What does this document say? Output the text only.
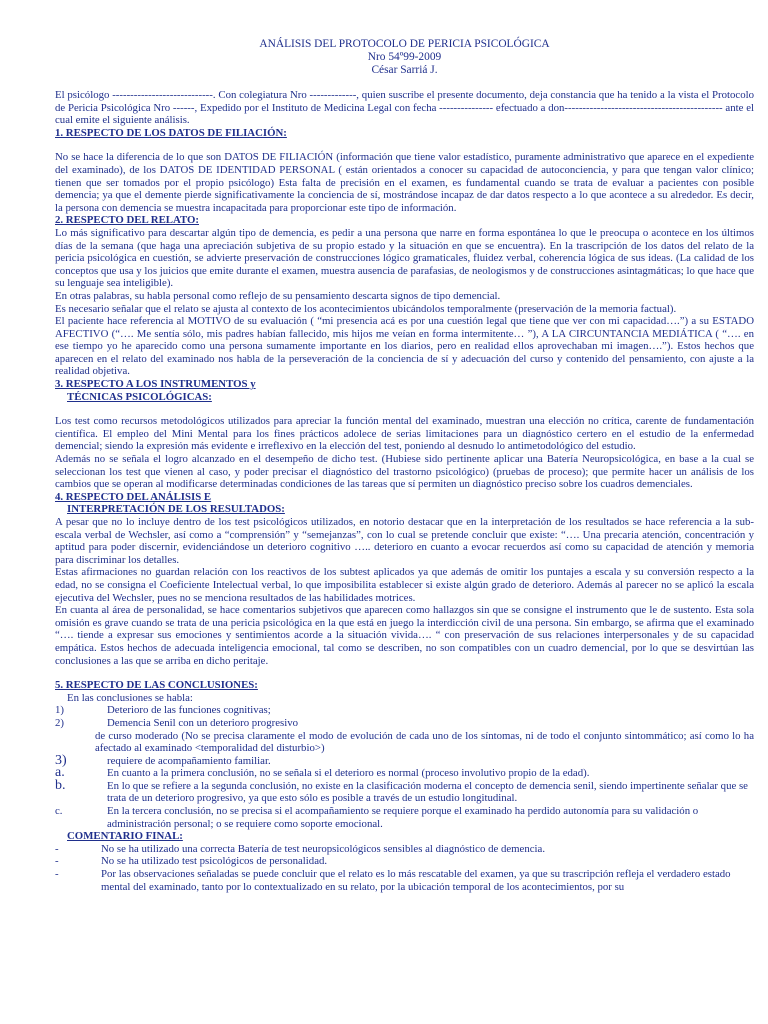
ANÁLISIS DEL PROTOCOLO DE PERICIA PSICOLÓGICA
Nro 54º99-2009
César Sarriá J.

El psicólogo ----------------------------. Con colegiatura Nro -------------, quien suscribe el presente documento, deja constancia que ha tenido a la vista el Protocolo de Pericia Psicológica Nro ------, Expedido por el Instituto de Medicina Legal con fecha --------------- efectuado a don-------------------------------------------- ante el cual emite el siguiente análisis.

1. RESPECTO DE LOS DATOS DE FILIACIÓN:

No se hace la diferencia de lo que son DATOS DE FILIACIÓN (información que tiene valor estadístico, puramente administrativo que aparece en el expediente del examinado), de los DATOS DE IDENTIDAD PERSONAL ( están orientados a conocer su capacidad de autoconciencia, y para que tengan valor clínico; tienen que ser tomados por el propio psicólogo) Esta falta de precisión en el examen, es fundamental cuando se trata de evaluar a pacientes con posible demencia; ya que el demente pierde significativamente la conciencia de sí, mostrándose incapaz de dar datos respecto a lo que acontece a su alrededor. Es decir, la persona con demencia se muestra incapacitada para proporcionar este tipo de información.

2. RESPECTO DEL RELATO:

Lo más significativo para descartar algún tipo de demencia, es pedir a una persona que narre en forma espontánea lo que le preocupa o acontece en los últimos días de la semana (que haga una apreciación subjetiva de su propio estado y la situación en que se encuentra). En la trascripción de los datos del relato de la pericia psicológica en cuestión, se advierte preservación de construcciones lógico gramaticales, fluidez verbal, coherencia lógica de sus ideas. (La calidad de los conceptos que usa y los juicios que emite durante el examen, muestra ausencia de parafasias, de neologismos y de construcciones asintagmáticas; lo que hace que su lenguaje sea inteligible).

En otras palabras, su habla personal como reflejo de su pensamiento descarta signos de tipo demencial.

Es necesario señalar que el relato se ajusta al contexto de los acontecimientos ubicándolos temporalmente (preservación de la memoria factual).

El paciente hace referencia al MOTIVO de su evaluación ( “mi presencia acá es por una cuestión legal que tiene que ver con mi capacidad….”) a su ESTADO AFECTIVO (“…. Me sentía sólo, mis padres habían fallecido, mis hijos me veían en forma intermitente… ”), A LA CIRCUNTANCIA MEDIÁTICA ( “…. en ese tiempo yo he aparecido como una persona sumamente importante en los diarios, pero en realidad ellos aprovechaban mi imagen….”). Estos hechos que aparecen en el relato del examinado nos habla de la perseveración de la conciencia de sí y adecuación del curso y contenido del pensamiento, con ajuste a la realidad objetiva.

3. RESPECTO A LOS INSTRUMENTOS y
TÉCNICAS PSICOLÓGICAS:

Los test como recursos metodológicos utilizados para apreciar la función mental del examinado, muestran una elección no crítica, carente de fundamentación científica. El empleo del Mini Mental para los fines prácticos adolece de serias limitaciones para un diagnóstico certero en el estudio de la enfermedad demencial; siendo la expresión más evidente e irreflexivo en la elección del test, poniendo al desnudo lo antimetodológico del estudio.

Además no se señala el logro alcanzado en el desempeño de dicho test. (Hubiese sido pertinente aplicar una Batería Neuropsicológica, en base a la cual se seleccionan los test que vienen al caso, y poder precisar el diagnóstico del trastorno psicológico) (pruebas de proceso); que permite hacer un análisis de los cambios que se operan al modificarse determinadas condiciones de las tareas que sí permiten un diagnóstico preciso sobre los cuadros demenciales.

4. RESPECTO DEL ANÁLISIS E
INTERPRETACIÓN DE LOS RESULTADOS:

A pesar que no lo incluye dentro de los test psicológicos utilizados, en notorio destacar que en la interpretación de los resultados se hace referencia a la sub-escala verbal de Wechsler, así como a “comprensión” y “semejanzas”, con lo cual se pretende concluir que existe: “…. Una precaria atención, concentración y aptitud para poder discernir, evidenciándose un deterioro cognitivo ….. deterioro en cuanto a evocar recuerdos así como su capacidad de atención y memoria para discriminar los detalles.

Estas afirmaciones no guardan relación con los reactivos de los subtest aplicados ya que además de omitir los puntajes a escala y su conversión respecto a la edad, no se consigna el Coeficiente Intelectual verbal, lo que imposibilita establecer si existe algún grado de deterioro. Además al parecer no se aplicó la escala ejecutiva del Wechsler, pues no se menciona resultados de las habilidades motrices.

En cuanta al área de personalidad, se hace comentarios subjetivos que aparecen como hallazgos sin que se consigne el instrumento que le de sustento. Esta sola omisión es grave cuando se trata de una pericia psicológica en la que está en juego la interdicción civil de una persona. Sin embargo, se afirma que el examinado “…. tiende a expresar sus emociones y sentimientos acorde a la situación vivida…. “ con preservación de sus relaciones interpersonales y de su capacidad empática. Estos hechos de adecuada inteligencia emocional, tal como se describen, no son compatibles con un cuadro demencial, por lo que se desvirtúan las conclusiones a las que se arriba en dicho peritaje.

5. RESPECTO DE LAS CONCLUSIONES:
En las conclusiones se habla:
1)	Deterioro de las funciones cognitivas;
2)	Demencia Senil con un deterioro progresivo

de curso moderado (No se precisa claramente el modo de evolución de cada uno de los síntomas, ni de todo el conjunto sintommático; así como lo ha afectado al examinado <temporalidad del disturbio>)

3)	requiere de acompañamiento familiar.
a.	En cuanto a la primera conclusión, no se señala si el deterioro es normal (proceso involutivo propio de la edad).
b.	En lo que se refiere a la segunda conclusión, no existe en la clasificación moderna el concepto de demencia senil, siendo impertinente señalar que se trata de un deterioro progresivo, ya que esto sólo es posible a través de un estudio longitudinal.
c.	En la tercera conclusión, no se precisa si el acompañamiento se requiere porque el examinado ha perdido autonomía para su validación o administración personal; o se requiere como soporte emocional.
COMENTARIO FINAL:
-	No se ha utilizado una correcta Batería de test neuropsicológicos sensibles al diagnóstico de demencia.
-	No se ha utilizado test psicológicos de personalidad.
-	Por las observaciones señaladas se puede concluir que el relato es lo más rescatable del examen, ya que su trascripción refleja el verdadero estado mental del examinado, tanto por lo contextualizado en su relato, por la ubicación temporal de los acontecimientos, por su
